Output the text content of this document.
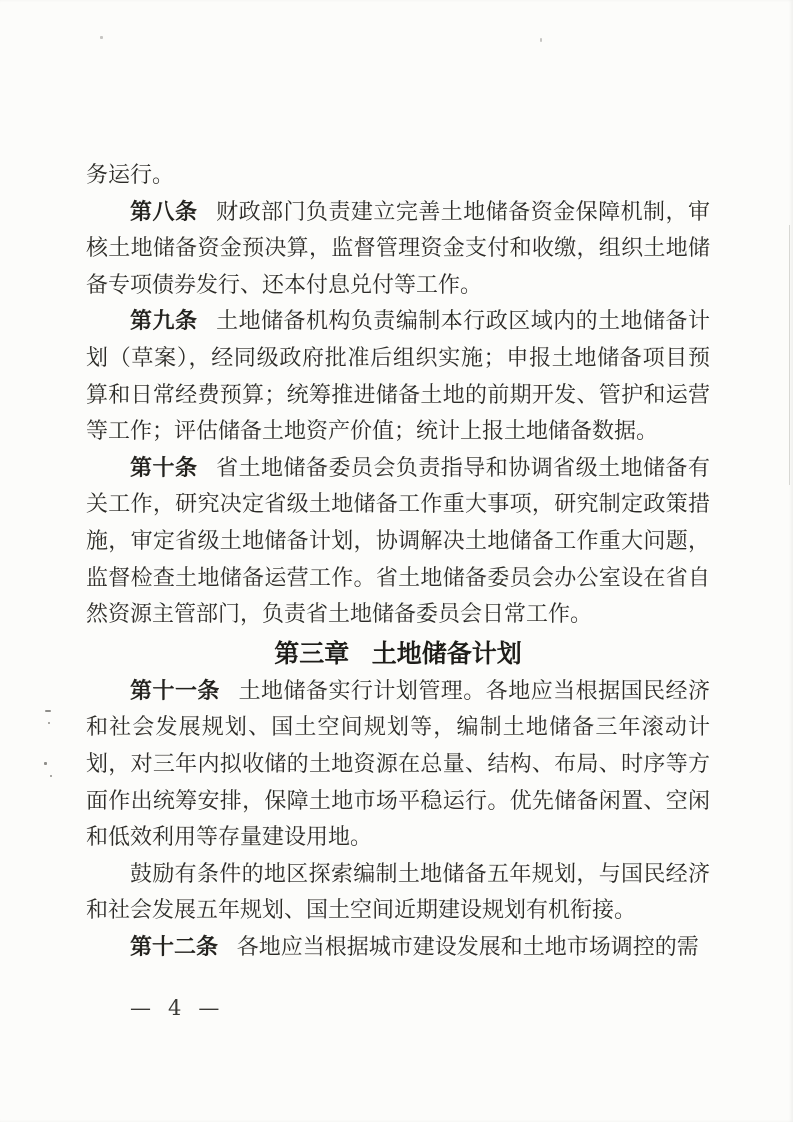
务运行。

第八条 财政部门负责建立完善土地储备资金保障机制，审核土地储备资金预决算，监督管理资金支付和收缴，组织土地储备专项债券发行、还本付息兑付等工作。

第九条 土地储备机构负责编制本行政区域内的土地储备计划（草案），经同级政府批准后组织实施；申报土地储备项目预算和日常经费预算；统筹推进储备土地的前期开发、管护和运营等工作；评估储备土地资产价值；统计上报土地储备数据。

第十条 省土地储备委员会负责指导和协调省级土地储备有关工作，研究决定省级土地储备工作重大事项，研究制定政策措施，审定省级土地储备计划，协调解决土地储备工作重大问题，监督检查土地储备运营工作。省土地储备委员会办公室设在省自然资源主管部门，负责省土地储备委员会日常工作。

第三章 土地储备计划

第十一条 土地储备实行计划管理。各地应当根据国民经济和社会发展规划、国土空间规划等，编制土地储备三年滚动计划，对三年内拟收储的土地资源在总量、结构、布局、时序等方面作出统筹安排，保障土地市场平稳运行。优先储备闲置、空闲和低效利用等存量建设用地。

鼓励有条件的地区探索编制土地储备五年规划，与国民经济和社会发展五年规划、国土空间近期建设规划有机衔接。

第十二条 各地应当根据城市建设发展和土地市场调控的需

— 4 —
